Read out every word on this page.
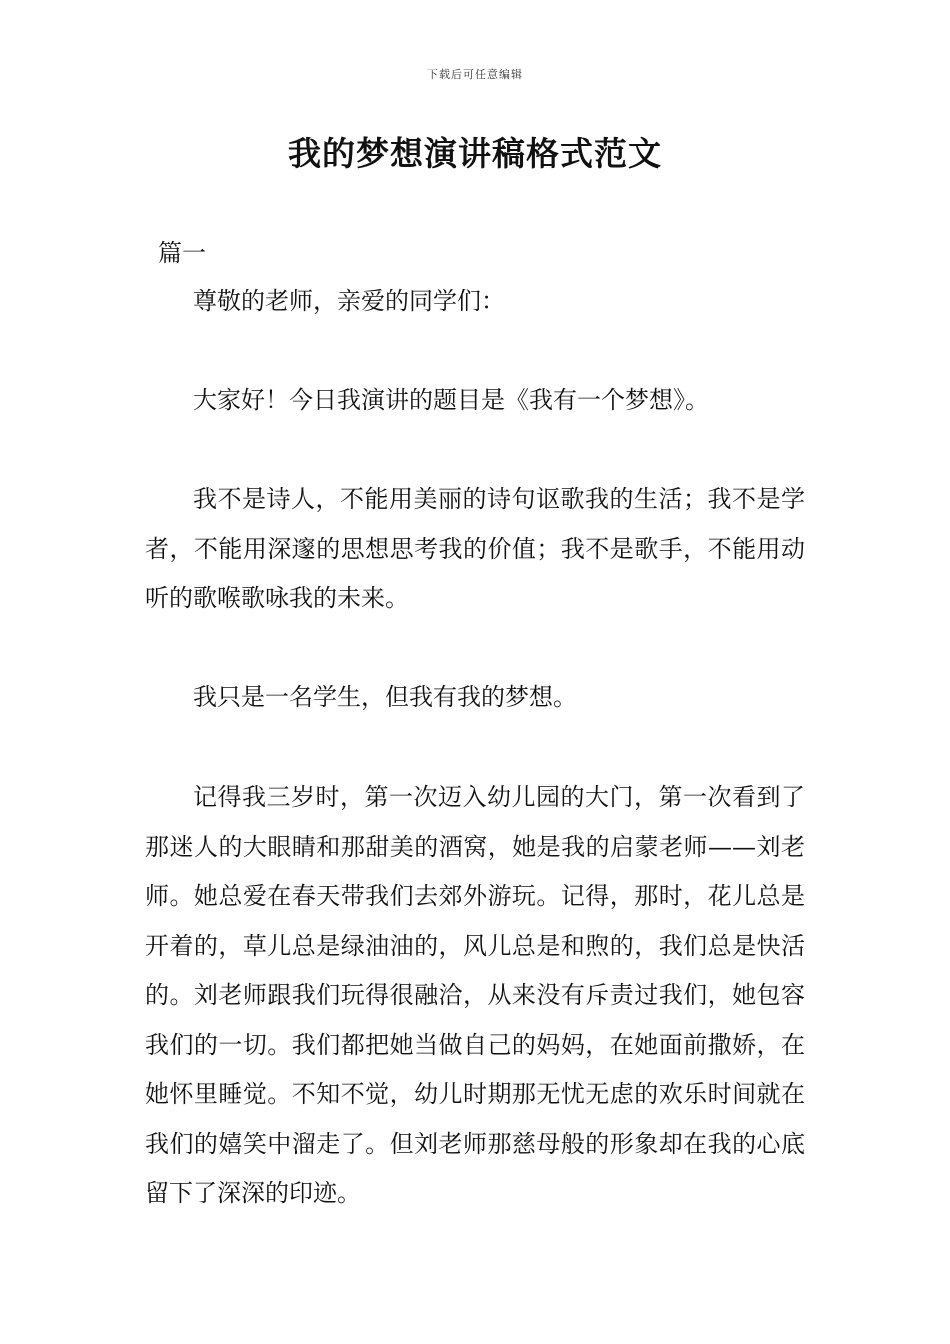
下载后可任意编辑
我的梦想演讲稿格式范文
篇一

尊敬的老师，亲爱的同学们：

大家好！今日我演讲的题目是《我有一个梦想》。

我不是诗人，不能用美丽的诗句讴歌我的生活；我不是学者，不能用深邃的思想思考我的价值；我不是歌手，不能用动听的歌喉歌咏我的未来。

我只是一名学生，但我有我的梦想。

记得我三岁时，第一次迈入幼儿园的大门，第一次看到了那迷人的大眼睛和那甜美的酒窝，她是我的启蒙老师——刘老师。她总爱在春天带我们去郊外游玩。记得，那时，花儿总是开着的，草儿总是绿油油的，风儿总是和煦的，我们总是快活的。刘老师跟我们玩得很融洽，从来没有斥责过我们，她包容我们的一切。我们都把她当做自己的妈妈，在她面前撒娇，在她怀里睡觉。不知不觉，幼儿时期那无忧无虑的欢乐时间就在我们的嬉笑中溜走了。但刘老师那慈母般的形象却在我的心底留下了深深的印迹。
